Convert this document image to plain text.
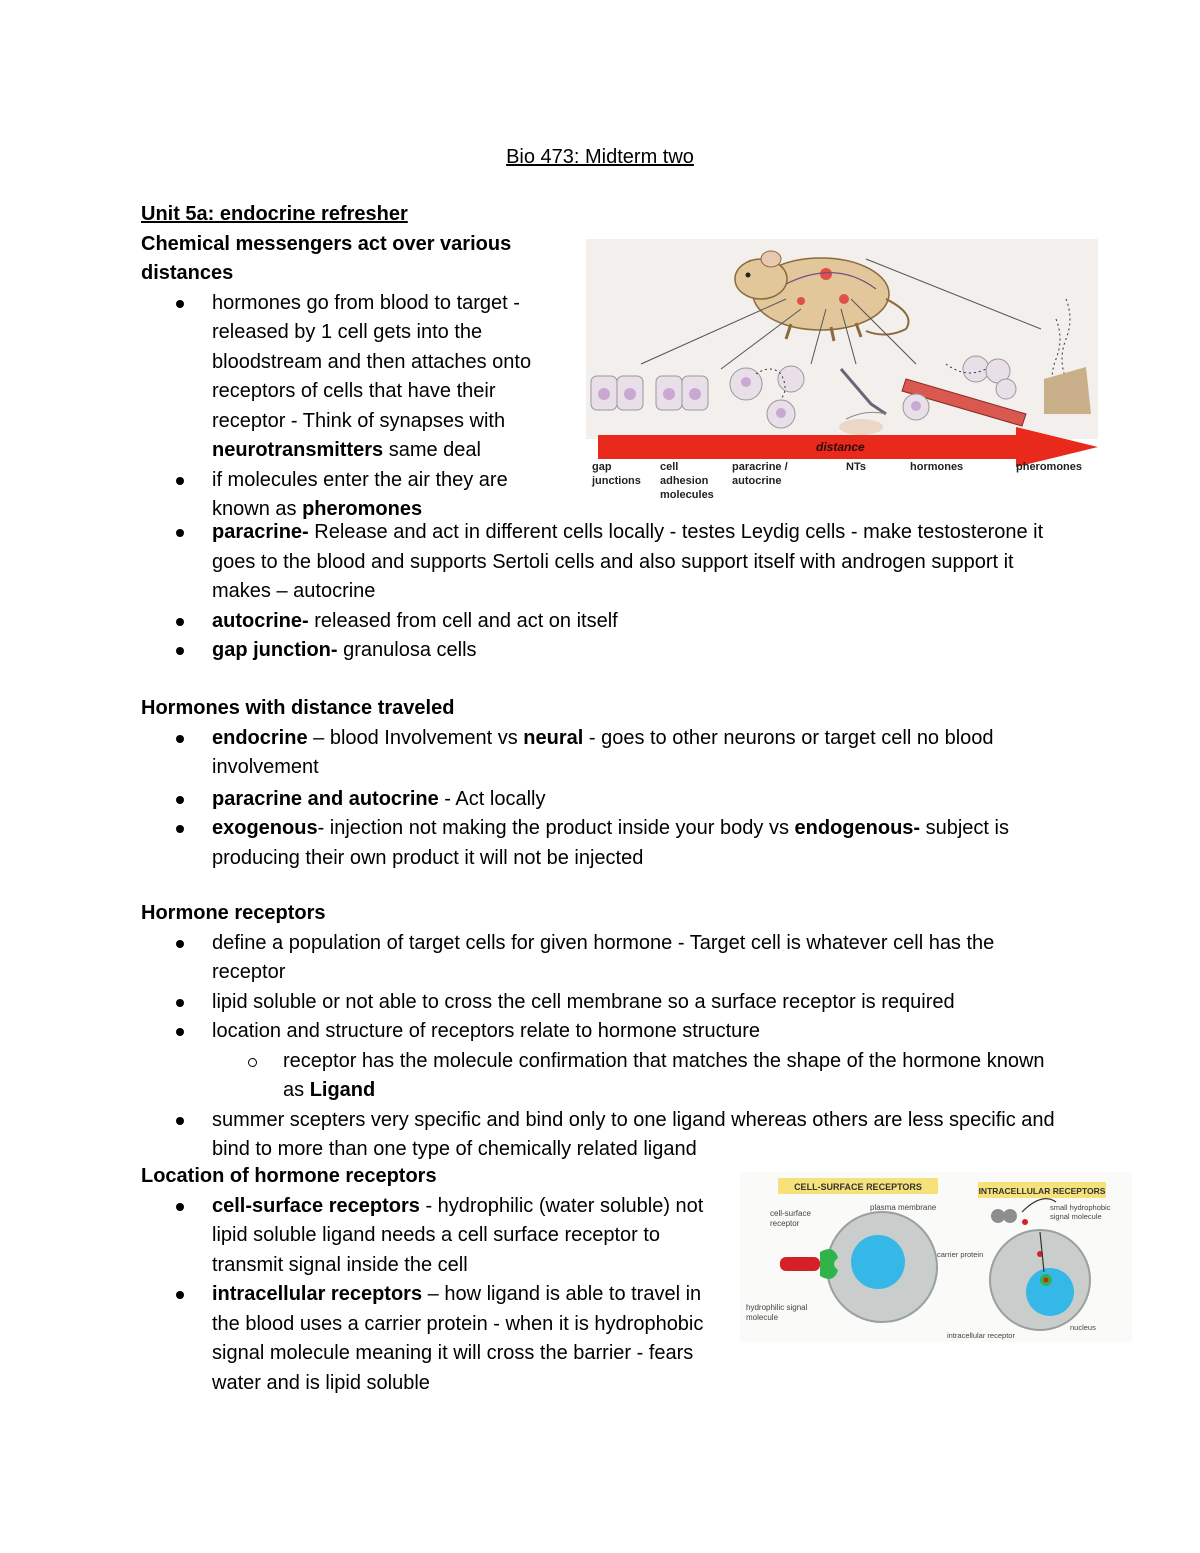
Bio 473: Midterm two

Unit 5a: endocrine refresher

Chemical messengers act over various distances

hormones go from blood to target - released by 1 cell gets into the bloodstream and then attaches onto receptors of cells that have their receptor - Think of synapses with neurotransmitters same deal
if molecules enter the air they are known as pheromones
paracrine- Release and act in different cells locally - testes Leydig cells - make testosterone it goes to the blood and supports Sertoli cells and also support itself with androgen support it makes – autocrine
autocrine- released from cell and act on itself
gap junction- granulosa cells

Hormones with distance traveled

endocrine – blood Involvement vs neural - goes to other neurons or target cell no blood involvement
paracrine and autocrine - Act locally
exogenous- injection not making the product inside your body vs endogenous- subject is producing their own product it will not be injected

Hormone receptors

define a population of target cells for given hormone - Target cell is whatever cell has the receptor
lipid soluble or not able to cross the cell membrane so a surface receptor is required
location and structure of receptors relate to hormone structure
receptor has the molecule confirmation that matches the shape of the hormone known as Ligand
summer scepters very specific and bind only to one ligand whereas others are less specific and bind to more than one type of chemically related ligand

Location of hormone receptors

cell-surface receptors - hydrophilic (water soluble) not lipid soluble ligand needs a cell surface receptor to transmit signal inside the cell
intracellular receptors – how ligand is able to travel in the blood uses a carrier protein - when it is hydrophobic signal molecule meaning it will cross the barrier - fears water and is lipid soluble
distance
gap
junctions
cell
adhesion
molecules
paracrine /
autocrine
NTs	hormones	pheromones
CELL-SURFACE RECEPTORS	INTRACELLULAR RECEPTORS
cell-surface
receptor
plasma membrane
hydrophilic signal
molecule
small hydrophobic
signal molecule
carrier protein
intracellular receptor
nucleus
